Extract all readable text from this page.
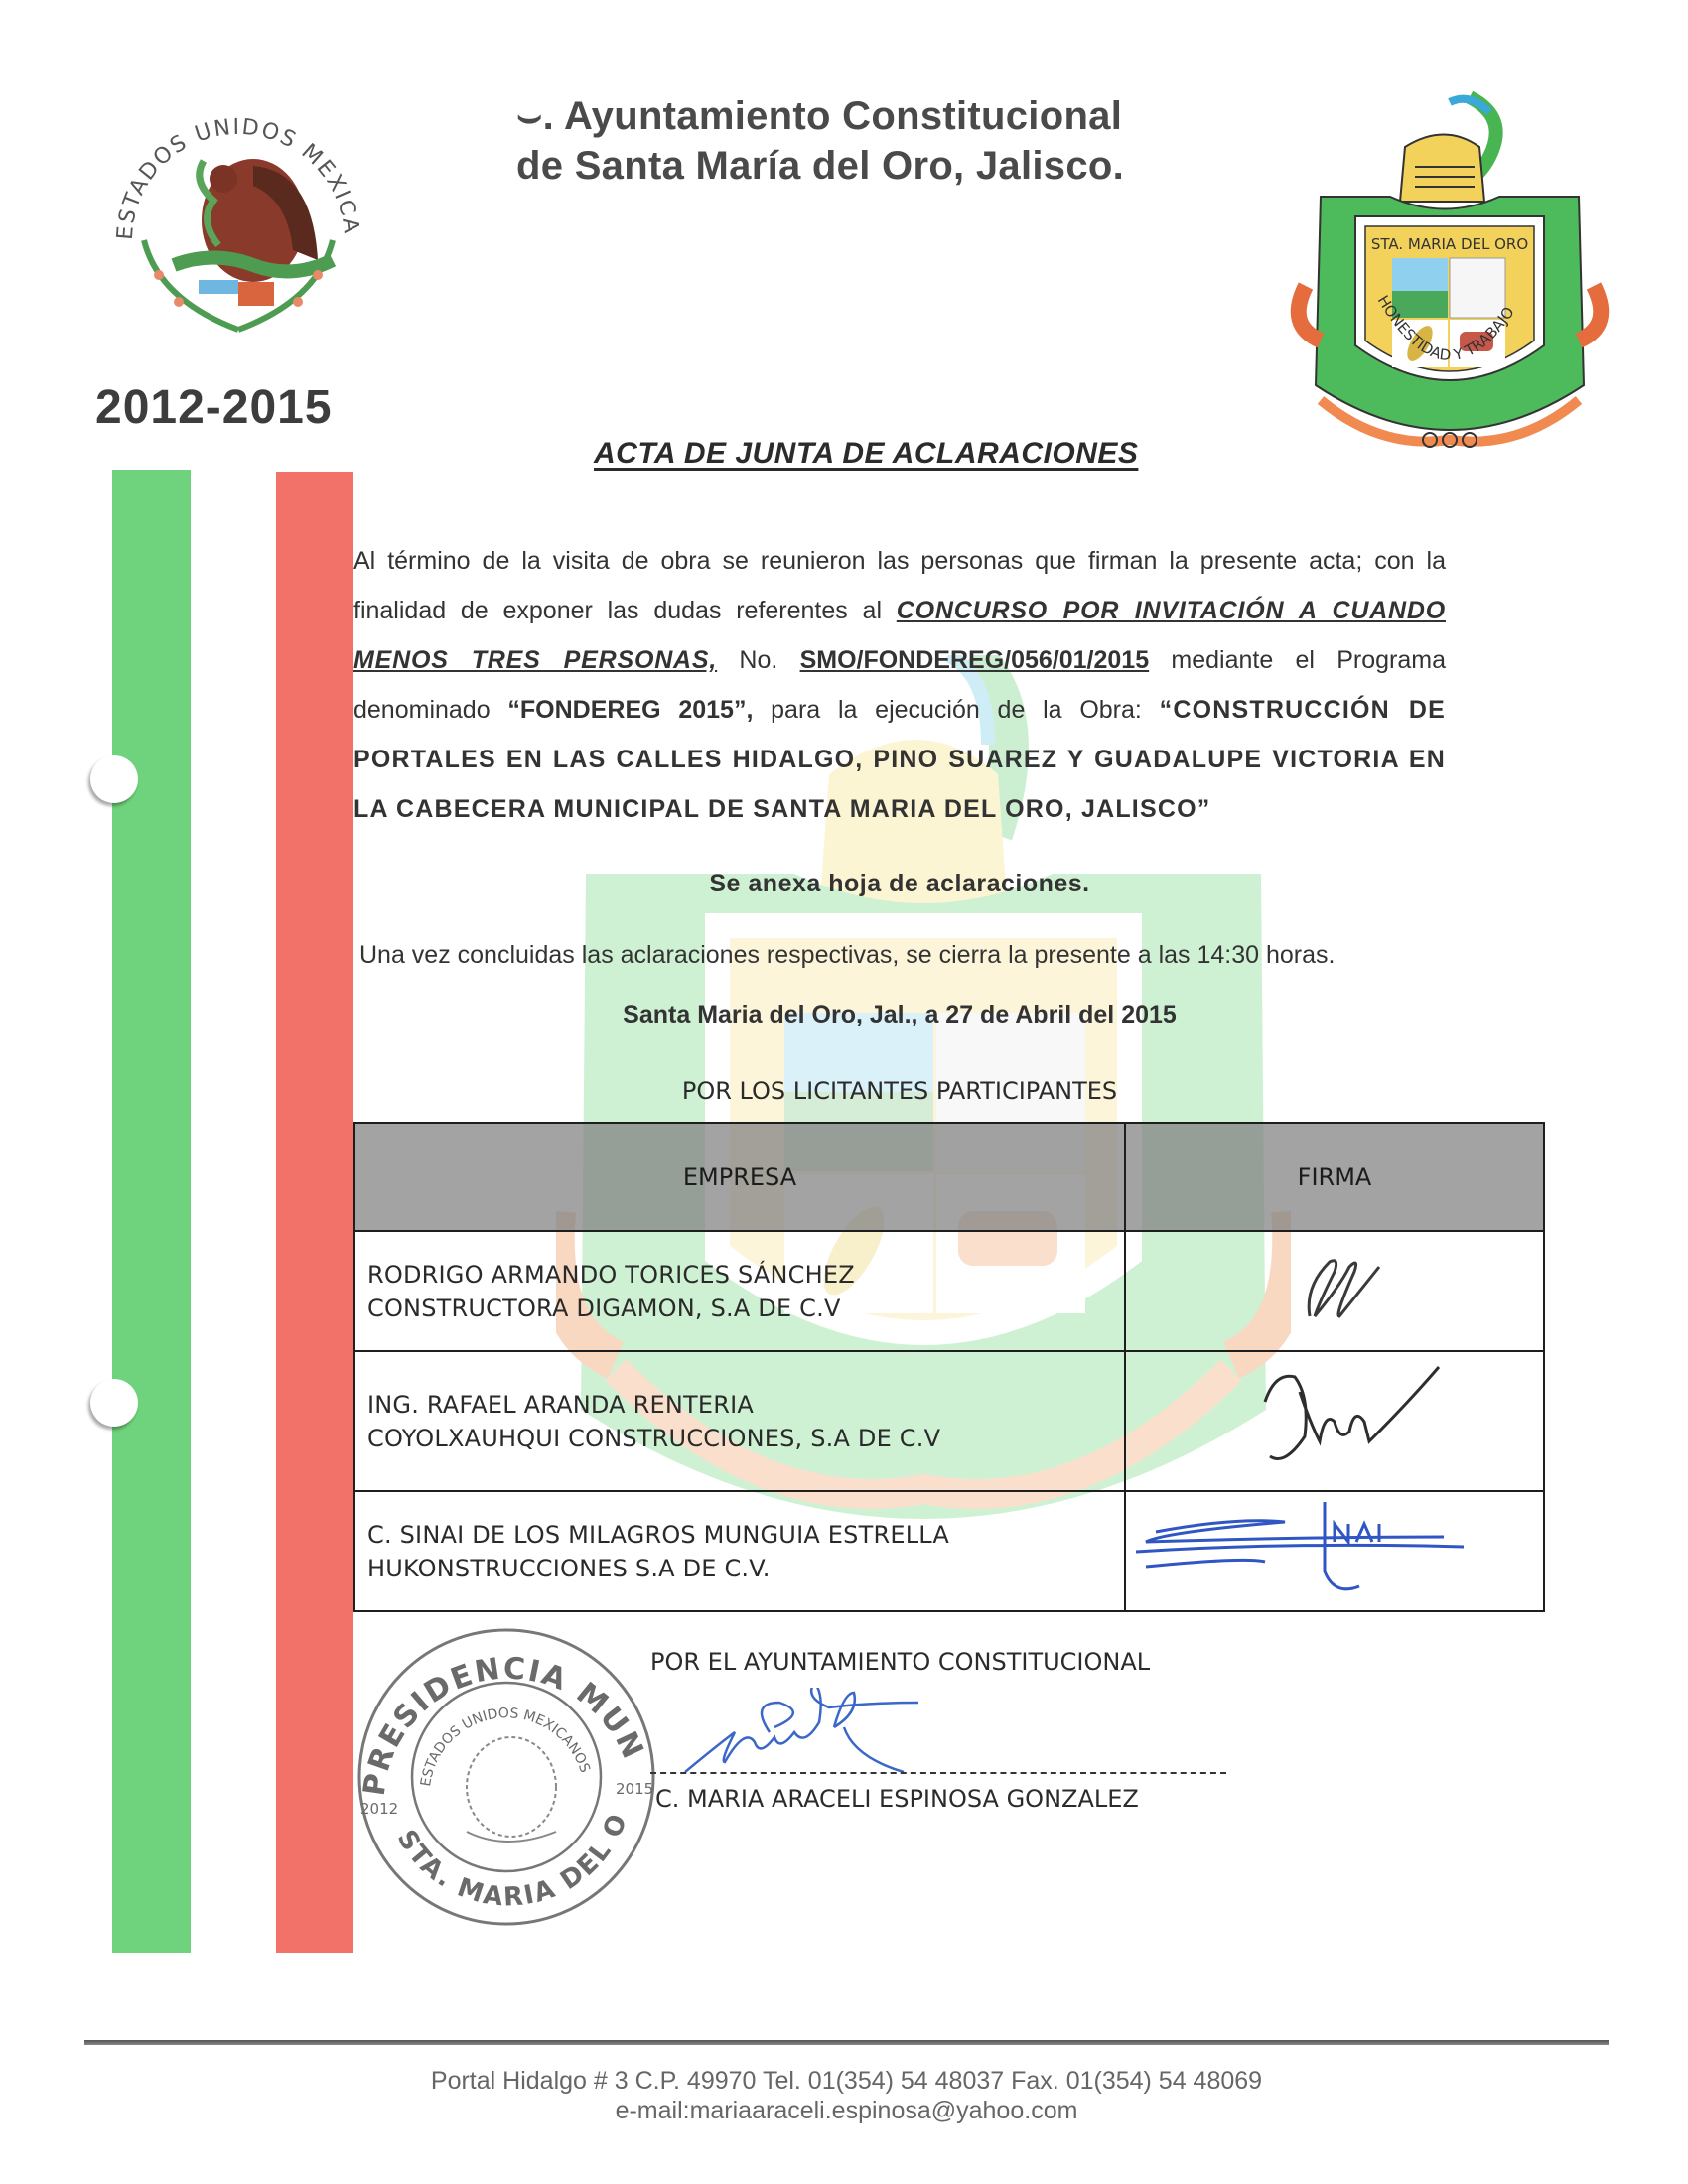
ESTADOS UNIDOS MEXICA
2012-2015
⌣. Ayuntamiento Constitucional
de Santa María del Oro, Jalisco.
STA. MARIA DEL ORO
HONESTIDAD Y TRABAJO
ACTA DE JUNTA DE ACLARACIONES
Al término de la visita de obra se reunieron las personas que firman la presente acta; con la finalidad de exponer las dudas referentes al CONCURSO POR INVITACIÓN A CUANDO MENOS TRES PERSONAS, No. SMO/FONDEREG/056/01/2015 mediante el Programa denominado “FONDEREG 2015”, para la ejecución de la Obra: “CONSTRUCCIÓN DE PORTALES EN LAS CALLES HIDALGO, PINO SUAREZ Y GUADALUPE VICTORIA EN LA CABECERA MUNICIPAL DE SANTA MARIA DEL ORO, JALISCO”
Se anexa hoja de aclaraciones.
Una vez concluidas las aclaraciones respectivas, se cierra la presente a las 14:30 horas.
Santa Maria del Oro, Jal., a 27 de Abril del 2015
POR LOS LICITANTES PARTICIPANTES
EMPRESA	FIRMA

RODRIGO ARMANDO TORICES SÁNCHEZ
CONSTRUCTORA DIGAMON, S.A DE C.V

ING. RAFAEL ARANDA RENTERIA
COYOLXAUHQUI CONSTRUCCIONES, S.A DE C.V

C. SINAI DE LOS MILAGROS MUNGUIA ESTRELLA
HUKONSTRUCCIONES S.A DE C.V.

PRESIDENCIA MUN
STA. MARIA DEL O
ESTADOS UNIDOS MEXICANOS
2012
2015
POR EL AYUNTAMIENTO CONSTITUCIONAL
C. MARIA ARACELI ESPINOSA GONZALEZ
Portal Hidalgo # 3 C.P. 49970 Tel. 01(354) 54 48037 Fax. 01(354) 54 48069
e-mail:mariaaraceli.espinosa@yahoo.com
